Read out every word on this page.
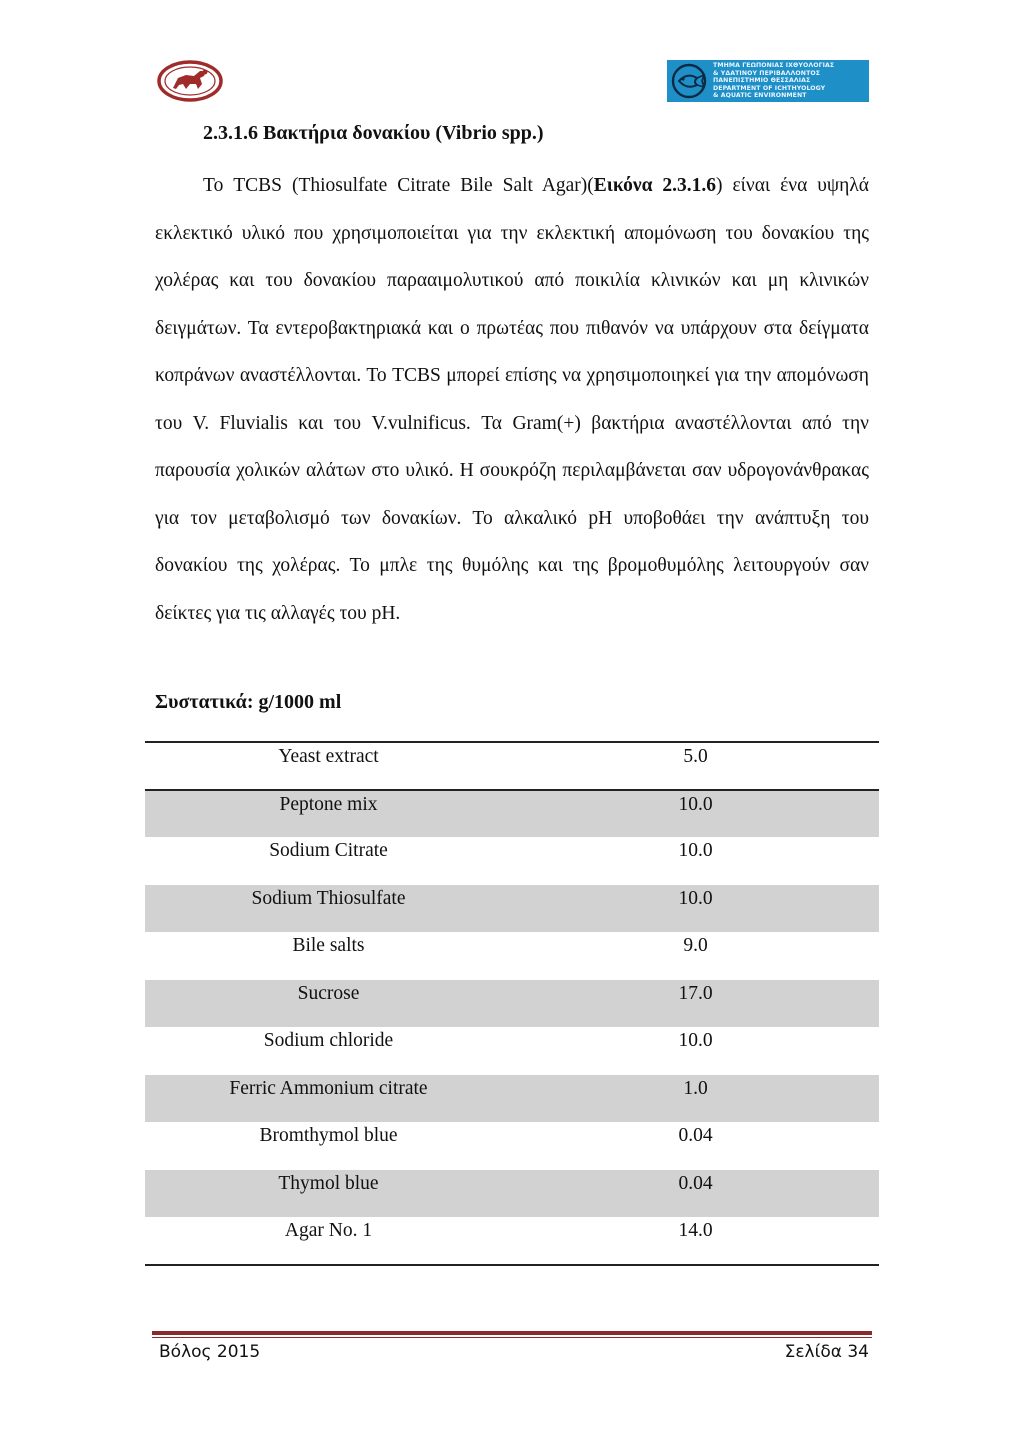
ΤΜΗΜΑ ΓΕΩΠΟΝΙΑΣ ΙΧΘΥΟΛΟΓΙΑΣ
& ΥΔΑΤΙΝΟΥ ΠΕΡΙΒΑΛΛΟΝΤΟΣ
ΠΑΝΕΠΙΣΤΗΜΙΟ ΘΕΣΣΑΛΙΑΣ
DEPARTMENT OF ICHTHYOLOGY
& AQUATIC ENVIRONMENT
2.3.1.6 Βακτήρια δονακίου (Vibrio spp.)

Το TCBS (Thiosulfate Citrate Bile Salt Agar)(Εικόνα 2.3.1.6) είναι ένα υψηλά εκλεκτικό υλικό που χρησιμοποιείται για την εκλεκτική απομόνωση του δονακίου της χολέρας και του δονακίου παρααιμολυτικού από ποικιλία κλινικών και μη κλινικών δειγμάτων. Τα εντεροβακτηριακά και ο πρωτέας που πιθανόν να υπάρχουν στα δείγματα κοπράνων αναστέλλονται. Το TCBS μπορεί επίσης να χρησιμοποιηκεί για την απομόνωση του V. Fluvialis και του V.vulnificus. Τα Gram(+) βακτήρια αναστέλλονται από την παρουσία χολικών αλάτων στο υλικό. Η σουκρόζη περιλαμβάνεται σαν υδρογονάνθρακας για τον μεταβολισμό των δονακίων. Το αλκαλικό pH υποβοθάει την ανάπτυξη του δονακίου της χολέρας. Το μπλε της θυμόλης και της βρομοθυμόλης λειτουργούν σαν δείκτες για τις αλλαγές του pH.

Συστατικά: g/1000 ml
Yeast extract	5.0
Peptone mix	10.0
Sodium Citrate	10.0
Sodium Thiosulfate	10.0
Bile salts	9.0
Sucrose	17.0
Sodium chloride	10.0
Ferric Ammonium citrate	1.0
Bromthymol blue	0.04
Thymol blue	0.04
Agar No. 1	14.0
Βόλος 2015	Σελίδα 34
